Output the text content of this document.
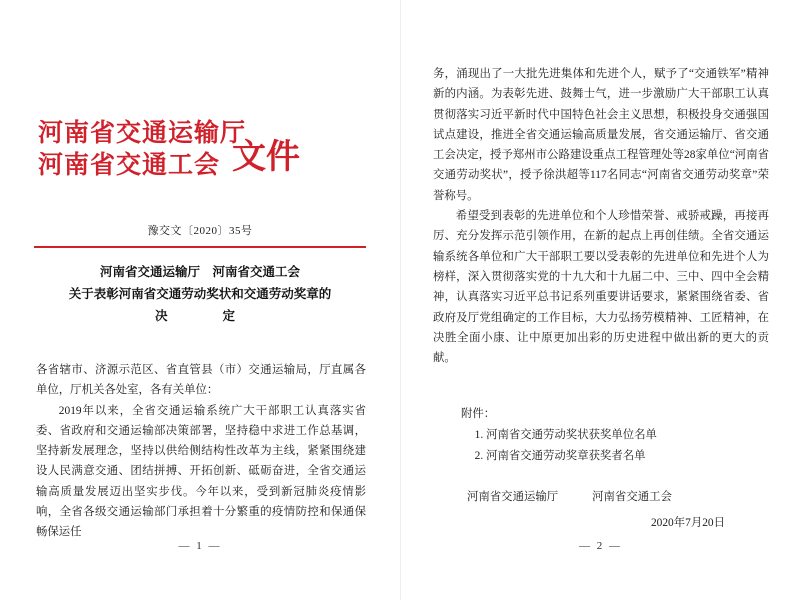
河南省交通运输厅
河南省交通工会 文件
豫交文〔2020〕35号
河南省交通运输厅　河南省交通工会
关于表彰河南省交通劳动奖状和交通劳动奖章的
决　　定

各省辖市、济源示范区、省直管县（市）交通运输局，厅直属各单位，厅机关各处室，各有关单位：

2019年以来，全省交通运输系统广大干部职工认真落实省委、省政府和交通运输部决策部署，坚持稳中求进工作总基调，坚持新发展理念，坚持以供给侧结构性改革为主线，紧紧围绕建设人民满意交通、团结拼搏、开拓创新、砥砺奋进，全省交通运输高质量发展迈出坚实步伐。今年以来，受到新冠肺炎疫情影响，全省各级交通运输部门承担着十分繁重的疫情防控和保通保畅保运任

— 1 —

务，涌现出了一大批先进集体和先进个人，赋予了“交通铁军”精神新的内涵。为表彰先进、鼓舞士气，进一步激励广大干部职工认真贯彻落实习近平新时代中国特色社会主义思想，积极投身交通强国试点建设，推进全省交通运输高质量发展，省交通运输厅、省交通工会决定，授予郑州市公路建设重点工程管理处等28家单位“河南省交通劳动奖状”，授予徐洪超等117名同志“河南省交通劳动奖章”荣誉称号。

希望受到表彰的先进单位和个人珍惜荣誉、戒骄戒躁，再接再厉、充分发挥示范引领作用，在新的起点上再创佳绩。全省交通运输系统各单位和广大干部职工要以受表彰的先进单位和先进个人为榜样，深入贯彻落实党的十九大和十九届二中、三中、四中全会精神，认真落实习近平总书记系列重要讲话要求，紧紧围绕省委、省政府及厅党组确定的工作目标，大力弘扬劳模精神、工匠精神，在决胜全面小康、让中原更加出彩的历史进程中做出新的更大的贡献。

附件：
1. 河南省交通劳动奖状获奖单位名单
2. 河南省交通劳动奖章获奖者名单
河南省交通运输厅	河南省交通工会
2020年7月20日
— 2 —
